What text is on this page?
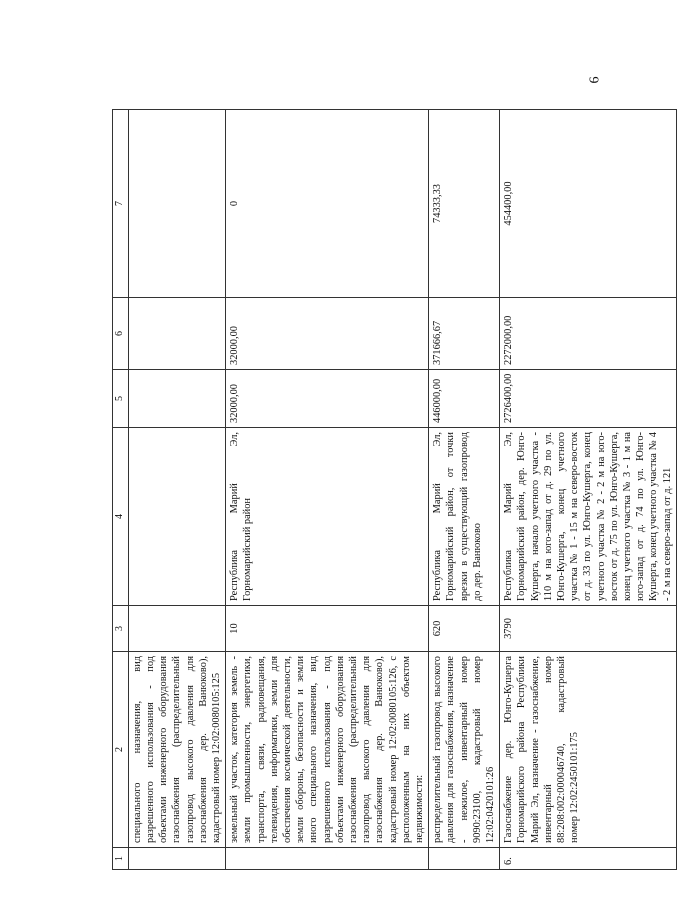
6
1	2	3	4	5	6	7
	специального назначения, вид разрешенного использования - под объектами инженерного оборудования газоснабжения (распределительный газопровод высокого давления для газоснабжения дер. Ванюково), кадастровый номер 12:02:0080105:125					
	земельный участок, категория земель - земли промышленности, энергетики, транспорта, связи, радиовещания, телевидения, информатики, земли для обеспечения космической деятельности, земли обороны, безопасности и земли иного специального назначения, вид разрешенного использования - под объектами инженерного оборудования газоснабжения (распределительный газопровод высокого давления для газоснабжения дер. Ванюково), кадастровый номер 12:02:0080105:126, с расположенным на них объектом недвижимости:	10	Республика Марий Эл, Горномарийский район	32000,00	32000,00	0
	распределительный газопровод высокого давления для газоснабжения, назначение - нежилое, инвентарный номер 9090:23100, кадастровый номер 12:02:0420101:26	620	Республика Марий Эл, Горномарийский район, от точки врезки в существующий газопровод до дер. Ванюково	446000,00	371666,67	74333,33
6.	Газоснабжение дер. Юнго-Кушерга Горномарийского района Республики Марий Эл, назначение - газоснабжение, инвентарный номер 88:208:002:000046740, кадастровый номер 12:02:2450101:175	3790	Республика Марий Эл, Горномарийский район, дер. Юнго-Кушерга, начало учетного участка - 110 м на юго-запад от д. 29 по ул. Юнго-Кушерга, конец учетного участка № 1 - 15 м на северо-восток от д. 33 по ул. Юнго-Кушерга, конец учетного участка № 2 - 2 м на юго-восток от д. 75 по ул. Юнго-Кушерга, конец учетного участка № 3 - 1 м на юго-запад от д. 74 по ул. Юнго-Кушерга, конец учетного участка № 4 - 2 м на северо-запад от д. 121	2726400,00	2272000,00	454400,00
